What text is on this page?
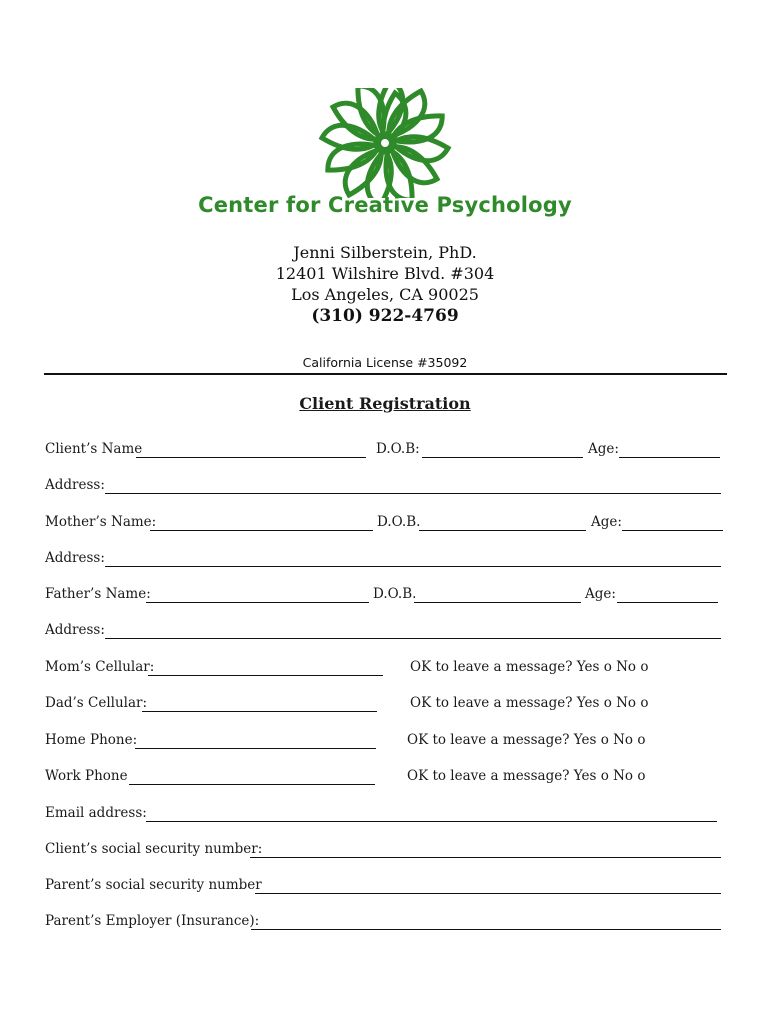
Center for Creative Psychology
Jenni Silberstein, PhD.
12401 Wilshire Blvd. #304
Los Angeles, CA 90025
(310) 922-4769
California License #35092
Client Registration
Client’s Name	D.O.B:	Age:
Address:
Mother’s Name:	D.O.B.	Age:
Address:
Father’s Name:	D.O.B.	Age:
Address:
Mom’s Cellular:	OK to leave a message? Yes o No o
Dad’s Cellular:	OK to leave a message? Yes o No o
Home Phone:	OK to leave a message? Yes o No o
Work Phone	OK to leave a message? Yes o No o
Email address:
Client’s social security number:
Parent’s social security number
Parent’s Employer (Insurance):
